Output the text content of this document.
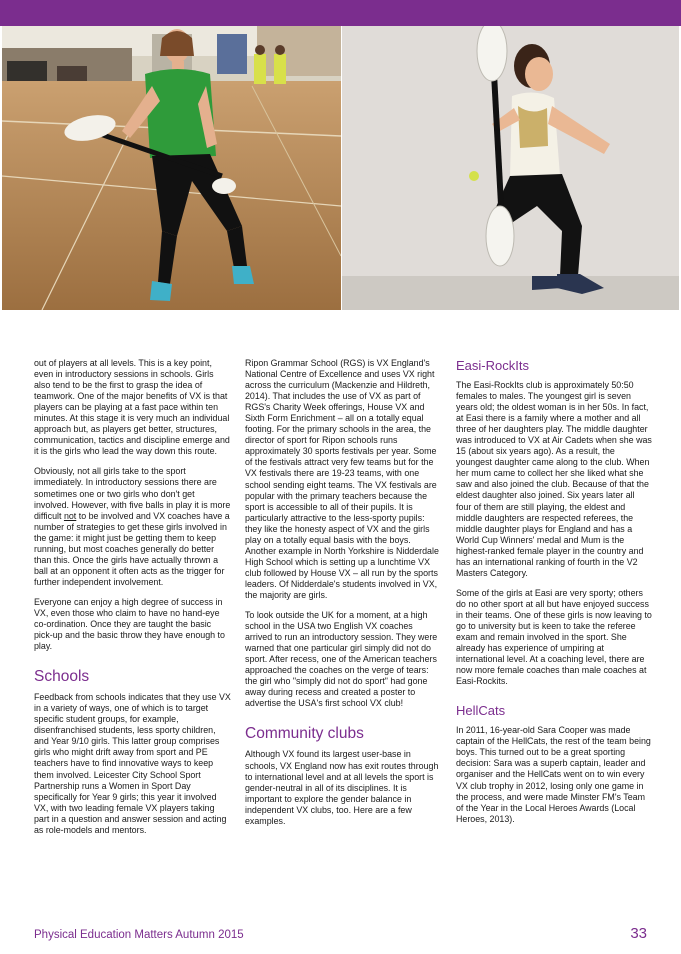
out of players at all levels. This is a key point, even in introductory sessions in schools. Girls also tend to be the first to grasp the idea of teamwork. One of the major benefits of VX is that players can be playing at a fast pace within ten minutes. At this stage it is very much an individual approach but, as players get better, structures, communication, tactics and discipline emerge and it is the girls who lead the way down this route.

Obviously, not all girls take to the sport immediately. In introductory sessions there are sometimes one or two girls who don't get involved. However, with five balls in play it is more difficult not to be involved and VX coaches have a number of strategies to get these girls involved in the game: it might just be getting them to keep running, but most coaches generally do better than this. Once the girls have actually thrown a ball at an opponent it often acts as the trigger for further independent involvement.

Everyone can enjoy a high degree of success in VX, even those who claim to have no hand-eye co-ordination. Once they are taught the basic pick-up and the basic throw they have enough to play.

Schools

Feedback from schools indicates that they use VX in a variety of ways, one of which is to target specific student groups, for example, disenfranchised students, less sporty children, and Year 9/10 girls. This latter group comprises girls who might drift away from sport and PE teachers have to find innovative ways to keep them involved. Leicester City School Sport Partnership runs a Women in Sport Day specifically for Year 9 girls; this year it involved VX, with two leading female VX players taking part in a question and answer session and acting as role-models and mentors.

Ripon Grammar School (RGS) is VX England's National Centre of Excellence and uses VX right across the curriculum (Mackenzie and Hildreth, 2014). That includes the use of VX as part of RGS's Charity Week offerings, House VX and Sixth Form Enrichment – all on a totally equal footing. For the primary schools in the area, the director of sport for Ripon schools runs approximately 30 sports festivals per year. Some of the festivals attract very few teams but for the VX festivals there are 19-23 teams, with one school sending eight teams. The VX festivals are popular with the primary teachers because the sport is accessible to all of their pupils. It is particularly attractive to the less-sporty pupils: they like the honesty aspect of VX and the girls play on a totally equal basis with the boys. Another example in North Yorkshire is Nidderdale High School which is setting up a lunchtime VX club followed by House VX – all run by the sports leaders. Of Nidderdale's students involved in VX, the majority are girls.

To look outside the UK for a moment, at a high school in the USA two English VX coaches arrived to run an introductory session. They were warned that one particular girl simply did not do sport. After recess, one of the American teachers approached the coaches on the verge of tears: the girl who "simply did not do sport" had gone away during recess and created a poster to advertise the USA's first school VX club!

Community clubs

Although VX found its largest user-base in schools, VX England now has exit routes through to international level and at all levels the sport is gender-neutral in all of its disciplines. It is important to explore the gender balance in independent VX clubs, too. Here are a few examples.

Easi-RockIts

The Easi-RockIts club is approximately 50:50 females to males. The youngest girl is seven years old; the oldest woman is in her 50s. In fact, at Easi there is a family where a mother and all three of her daughters play. The middle daughter was introduced to VX at Air Cadets when she was 15 (about six years ago). As a result, the youngest daughter came along to the club. When her mum came to collect her she liked what she saw and also joined the club. Because of that the eldest daughter also joined. Six years later all four of them are still playing, the eldest and middle daughters are respected referees, the middle daughter plays for England and has a World Cup Winners' medal and Mum is the highest-ranked female player in the country and has an international ranking of fourth in the V2 Masters Category.

Some of the girls at Easi are very sporty; others do no other sport at all but have enjoyed success in their teams. One of these girls is now leaving to go to university but is keen to take the referee exam and remain involved in the sport. She already has experience of umpiring at international level. At a coaching level, there are now more female coaches than male coaches at Easi-Rockits.

HellCats

In 2011, 16-year-old Sara Cooper was made captain of the HellCats, the rest of the team being boys. This turned out to be a great sporting decision: Sara was a superb captain, leader and organiser and the HellCats went on to win every VX club trophy in 2012, losing only one game in the process, and were made Minster FM's Team of the Year in the Local Heroes Awards (Local Heroes, 2013).

Physical Education Matters Autumn 2015	33
